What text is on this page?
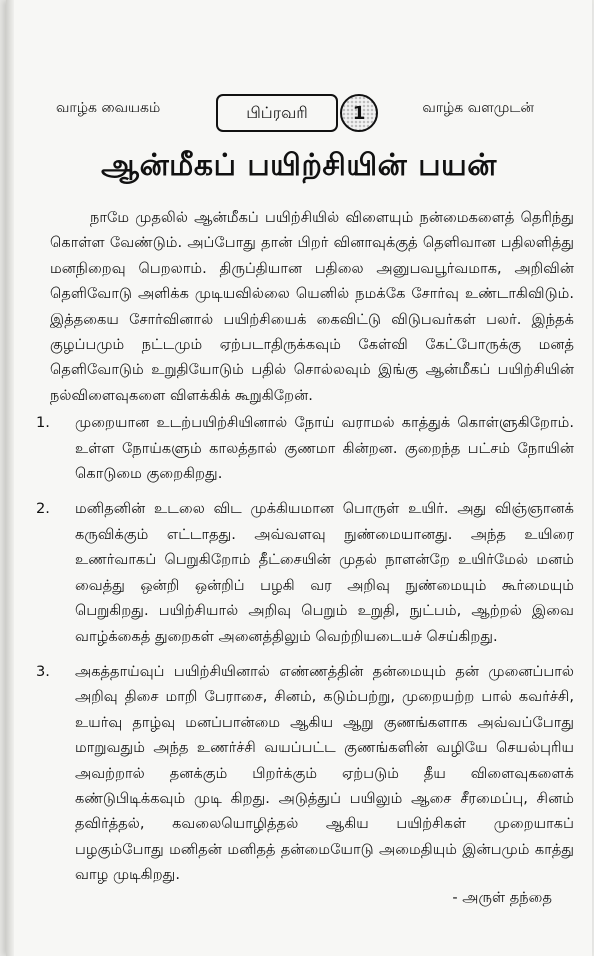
வாழ்க வையகம்	பிப்ரவரி	1	வாழ்க வளமுடன்
ஆன்மீகப் பயிற்சியின் பயன்

நாமே முதலில் ஆன்மீகப் பயிற்சியில் விளையும் நன்மைகளைத் தெரிந்து கொள்ள வேண்டும். அப்போது தான் பிறர் வினாவுக்குத் தெளிவான பதிலளித்து மனநிறைவு பெறலாம். திருப்தியான பதிலை அனுபவபூர்வமாக, அறிவின் தெளிவோடு அளிக்க முடியவில்லை யெனில் நமக்கே சோர்வு உண்டாகிவிடும். இத்தகைய சோர்வினால் பயிற்சியைக் கைவிட்டு விடுபவர்கள் பலர். இந்தக் குழப்பமும் நட்டமும் ஏற்படாதிருக்கவும் கேள்வி கேட்போருக்கு மனத் தெளிவோடும் உறுதியோடும் பதில் சொல்லவும் இங்கு ஆன்மீகப் பயிற்சியின் நல்விளைவுகளை விளக்கிக் கூறுகிறேன்.

1.	முறையான உடற்பயிற்சியினால் நோய் வராமல் காத்துக் கொள்ளுகிறோம். உள்ள நோய்களும் காலத்தால் குணமா கின்றன. குறைந்த பட்சம் நோயின் கொடுமை குறைகிறது.
2.	மனிதனின் உடலை விட முக்கியமான பொருள் உயிர். அது விஞ்ஞானக் கருவிக்கும் எட்டாதது. அவ்வளவு நுண்மையானது. அந்த உயிரை உணர்வாகப் பெறுகிறோம் தீட்சையின் முதல் நாளன்றே உயிர்மேல் மனம் வைத்து ஒன்றி ஒன்றிப் பழகி வர அறிவு நுண்மையும் கூர்மையும் பெறுகிறது. பயிற்சியால் அறிவு பெறும் உறுதி, நுட்பம், ஆற்றல் இவை வாழ்க்கைத் துறைகள் அனைத்திலும் வெற்றியடையச் செய்கிறது.
3.	அகத்தாய்வுப் பயிற்சியினால் எண்ணத்தின் தன்மையும் தன் முனைப்பால் அறிவு திசை மாறி பேராசை, சினம், கடும்பற்று, முறையற்ற பால் கவர்ச்சி, உயர்வு தாழ்வு மனப்பான்மை ஆகிய ஆறு குணங்களாக அவ்வப்போது மாறுவதும் அந்த உணர்ச்சி வயப்பட்ட குணங்களின் வழியே செயல்புரிய அவற்றால் தனக்கும் பிறர்க்கும் ஏற்படும் தீய விளைவுகளைக் கண்டுபிடிக்கவும் முடி கிறது. அடுத்துப் பயிலும் ஆசை சீரமைப்பு, சினம் தவிர்த்தல், கவலையொழித்தல் ஆகிய பயிற்சிகள் முறையாகப் பழகும்போது மனிதன் மனிதத் தன்மையோடு அமைதியும் இன்பமும் காத்து வாழ முடிகிறது.
- அருள் தந்தை
